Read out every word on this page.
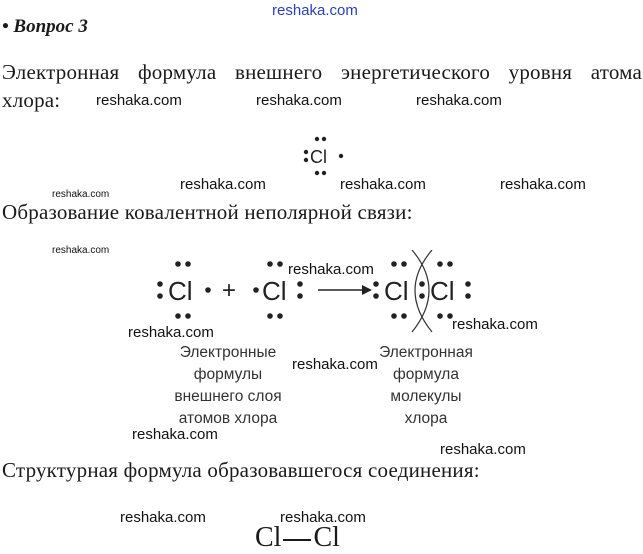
reshaka.com
• Вопрос 3
Электронная формула внешнего энергетического уровня атома
хлора: reshaka.com	reshaka.com	reshaka.com
Cl
reshaka.com
reshaka.com	reshaka.com	reshaka.com
Образование ковалентной неполярной связи:
reshaka.com
Cl + Cl	Cl Cl
reshaka.com
reshaka.com
reshaka.com
Электронные
формулы
внешнего слоя
атомов хлора
Электронная
формула
молекулы
хлора
reshaka.com
reshaka.com
reshaka.com
Структурная формула образовавшегося соединения:
reshaka.com	reshaka.com
Cl Cl
